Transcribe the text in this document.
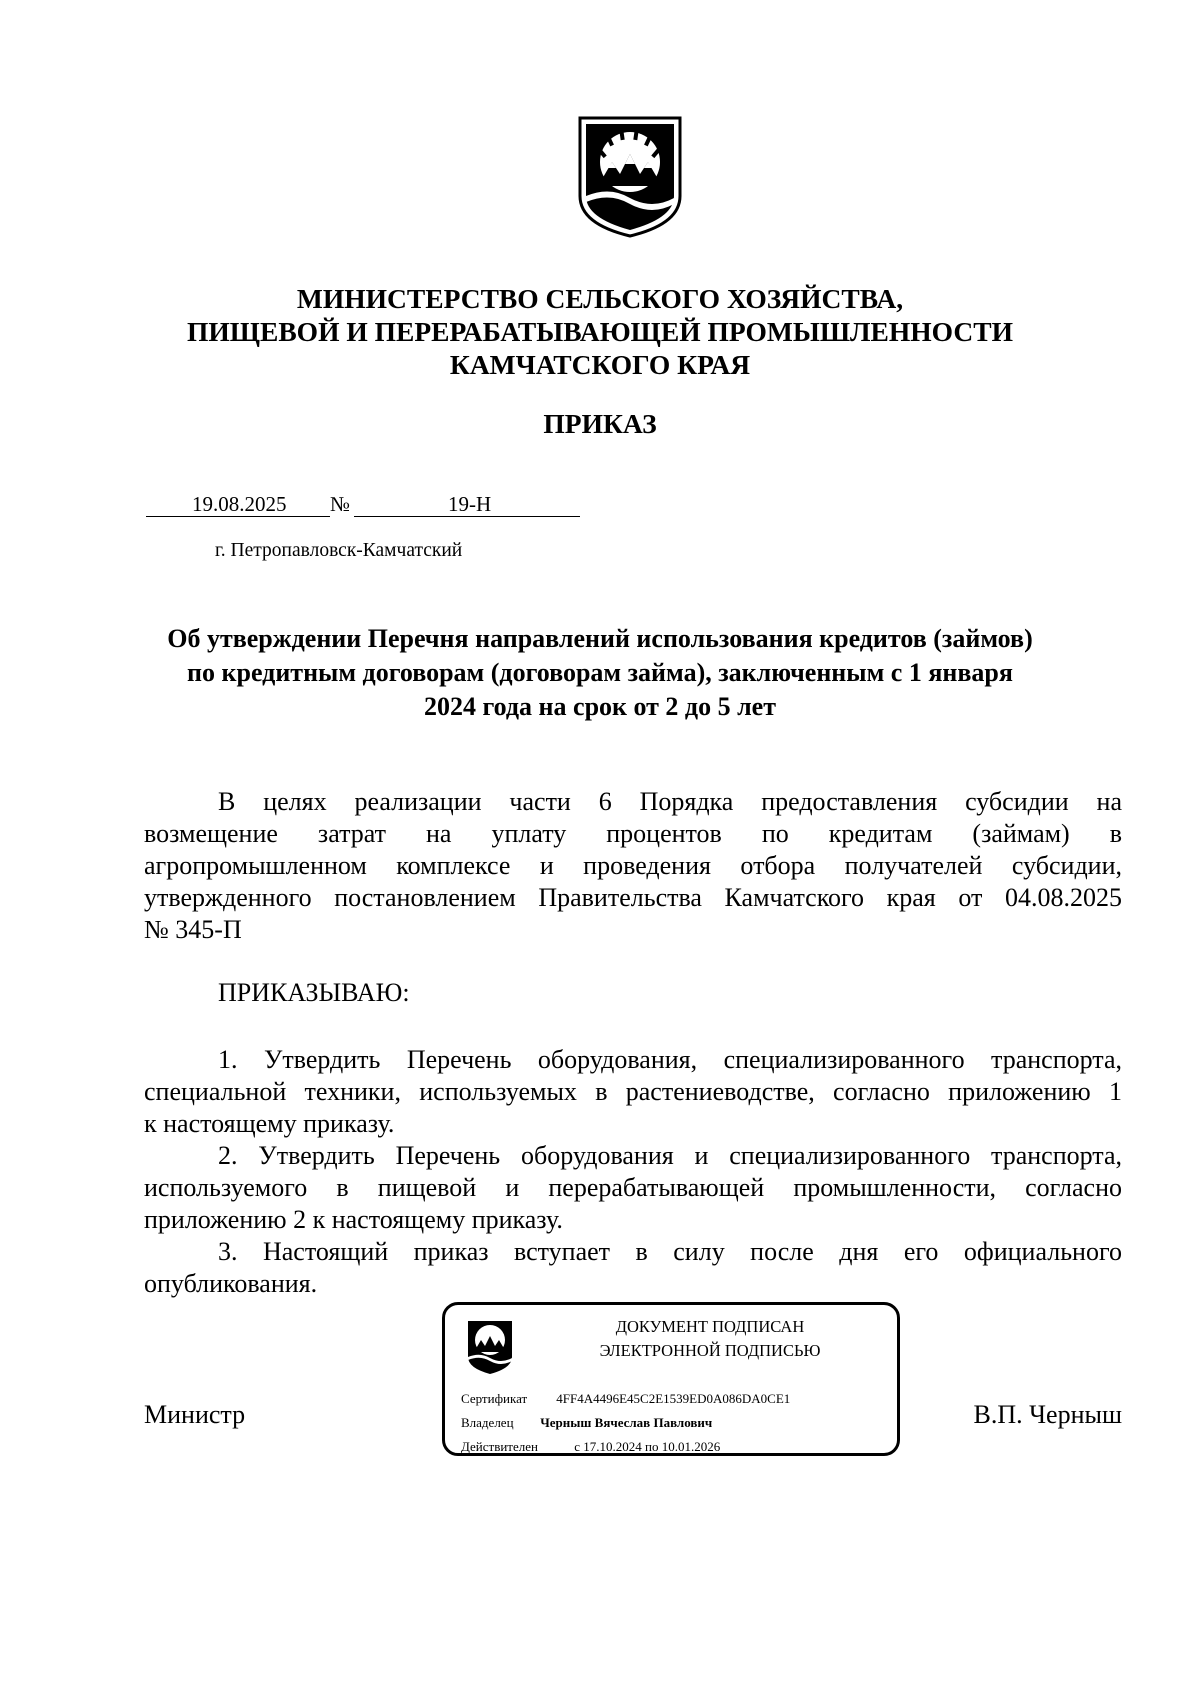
МИНИСТЕРСТВО СЕЛЬСКОГО ХОЗЯЙСТВА,
ПИЩЕВОЙ И ПЕРЕРАБАТЫВАЮЩЕЙ ПРОМЫШЛЕННОСТИ
КАМЧАТСКОГО КРАЯ
ПРИКАЗ
19.08.2025 №	19-Н
г. Петропавловск-Камчатский
Об утверждении Перечня направлений использования кредитов (займов)
по кредитным договорам (договорам займа), заключенным с 1 января
2024 года на срок от 2 до 5 лет
В целях реализации части 6 Порядка предоставления субсидии на
возмещение затрат на уплату процентов по кредитам (займам) в
агропромышленном комплексе и проведения отбора получателей субсидии,
утвержденного постановлением Правительства Камчатского края от 04.08.2025
№ 345-П
ПРИКАЗЫВАЮ:
1. Утвердить Перечень оборудования, специализированного транспорта,
специальной техники, используемых в растениеводстве, согласно приложению 1
к настоящему приказу.
2. Утвердить Перечень оборудования и специализированного транспорта,
используемого в пищевой и перерабатывающей промышленности, согласно
приложению 2 к настоящему приказу.
3. Настоящий приказ вступает в силу после дня его официального
опубликования.
Министр	В.П. Черныш
ДОКУМЕНТ ПОДПИСАН
ЭЛЕКТРОННОЙ ПОДПИСЬЮ
Сертификат 4FF4A4496E45C2E1539ED0A086DA0CE1
Владелец Черныш Вячеслав Павлович
Действителен	с 17.10.2024 по 10.01.2026
